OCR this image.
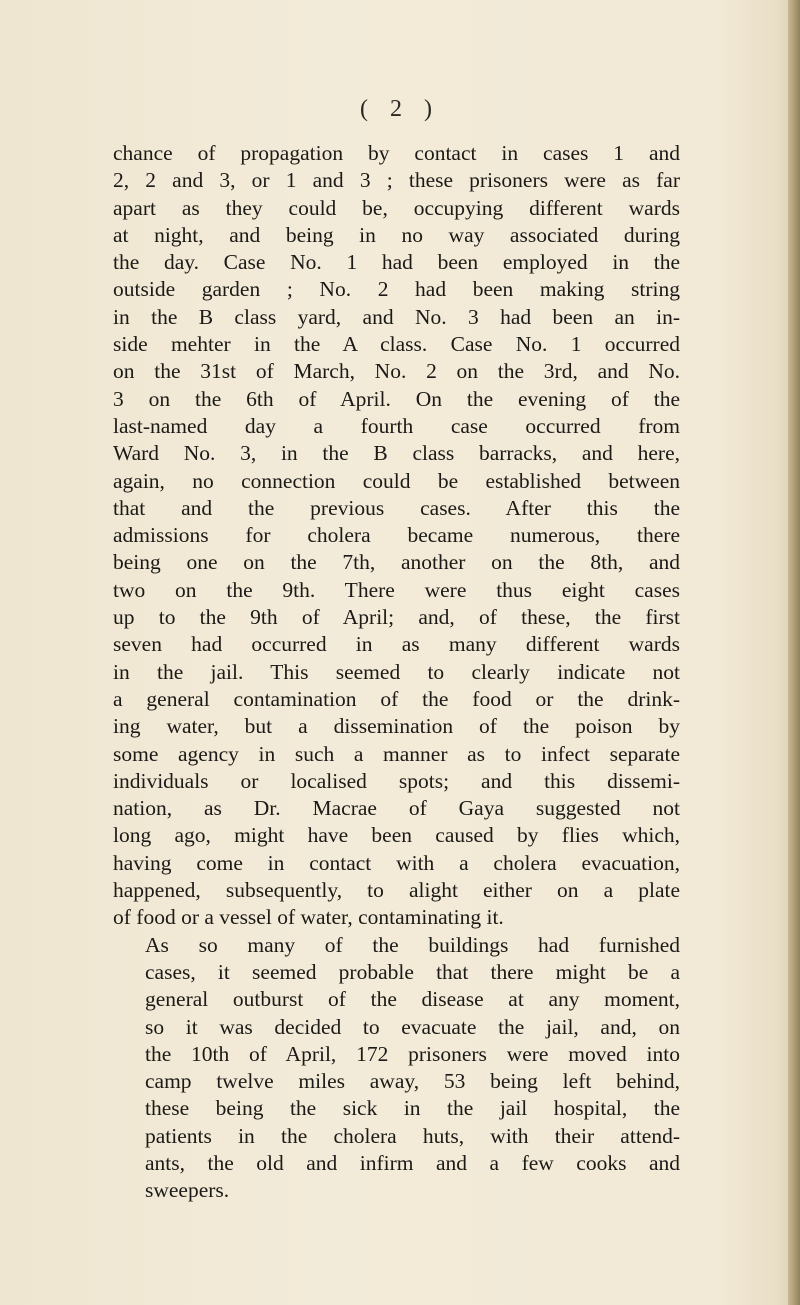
( 2 )

chance of propagation by contact in cases 1 and
2, 2 and 3, or 1 and 3 ; these prisoners were as far
apart as they could be, occupying different wards
at night, and being in no way associated during
the day. Case No. 1 had been employed in the
outside garden ; No. 2 had been making string
in the B class yard, and No. 3 had been an in-
side mehter in the A class. Case No. 1 occurred
on the 31st of March, No. 2 on the 3rd, and No.
3 on the 6th of April. On the evening of the
last-named day a fourth case occurred from
Ward No. 3, in the B class barracks, and here,
again, no connection could be established between
that and the previous cases. After this the
admissions for cholera became numerous, there
being one on the 7th, another on the 8th, and
two on the 9th. There were thus eight cases
up to the 9th of April; and, of these, the first
seven had occurred in as many different wards
in the jail. This seemed to clearly indicate not
a general contamination of the food or the drink-
ing water, but a dissemination of the poison by
some agency in such a manner as to infect separate
individuals or localised spots; and this dissemi-
nation, as Dr. Macrae of Gaya suggested not
long ago, might have been caused by flies which,
having come in contact with a cholera evacuation,
happened, subsequently, to alight either on a plate
of food or a vessel of water, contaminating it.

As so many of the buildings had furnished
cases, it seemed probable that there might be a
general outburst of the disease at any moment,
so it was decided to evacuate the jail, and, on
the 10th of April, 172 prisoners were moved into
camp twelve miles away, 53 being left behind,
these being the sick in the jail hospital, the
patients in the cholera huts, with their attend-
ants, the old and infirm and a few cooks and
sweepers.
